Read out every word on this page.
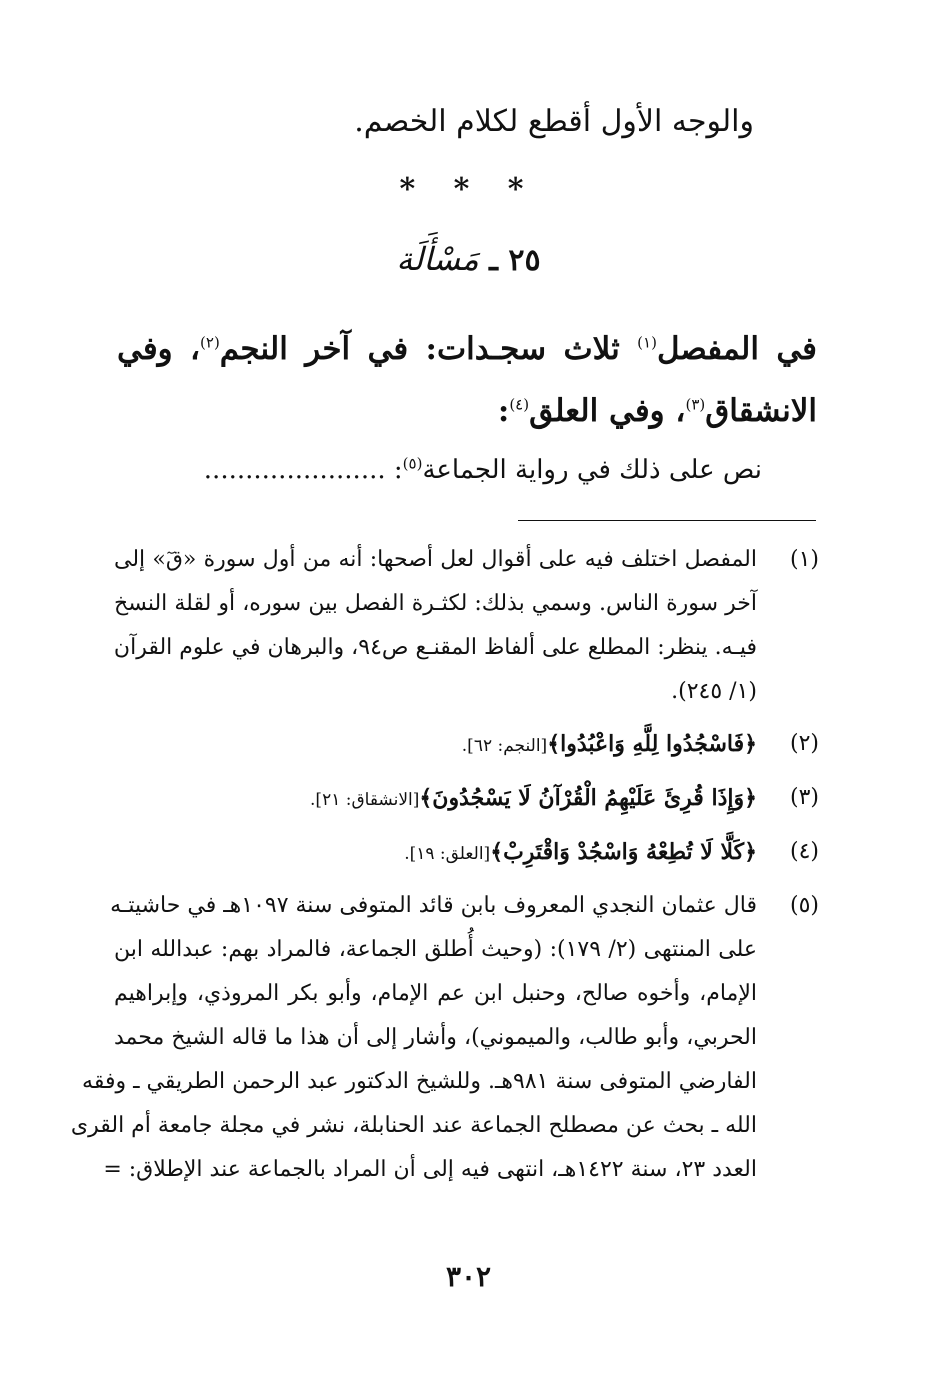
والوجه الأول أقطع لكلام الخصم.
* * *
٢٥ ـ مَسْأَلَة
في المفصل$^{(١)}$ ثلاث سجـدات: في آخر النجم$^{(٢)}$، وفي
الانشقاق$^{(٣)}$، وفي العلق$^{(٤)}$:
نص على ذلك في رواية الجماعة$^{(٥)}$: ......................
(١)
المفصل اختلف فيه على أقوال لعل أصحها: أنه من أول سورة «قٓ» إلى
آخر سورة الناس. وسمي بذلك: لكثـرة الفصل بين سوره، أو لقلة النسخ
فيـه. ينظر: المطلع على ألفاظ المقنـع ص٩٤، والبرهان في علوم القرآن
(١/ ٢٤٥).
(٢)
﴿فَاسْجُدُوا لِلَّهِ وَاعْبُدُوا﴾[النجم: ٦٢].
(٣)
﴿وَإِذَا قُرِئَ عَلَيْهِمُ الْقُرْآنُ لَا يَسْجُدُونَ﴾[الانشقاق: ٢١].
(٤)
﴿كَلَّا لَا تُطِعْهُ وَاسْجُدْ وَاقْتَرِبْ﴾[العلق: ١٩].
(٥)
قال عثمان النجدي المعروف بابن قائد المتوفى سنة ١٠٩٧هـ في حاشيتـه
على المنتهى (٢/ ١٧٩): (وحيث أُطلق الجماعة، فالمراد بهم: عبدالله ابن
الإمام، وأخوه صالح، وحنبل ابن عم الإمام، وأبو بكر المروذي، وإبراهيم
الحربي، وأبو طالب، والميموني)، وأشار إلى أن هذا ما قاله الشيخ محمد
الفارضي المتوفى سنة ٩٨١هـ. وللشيخ الدكتور عبد الرحمن الطريقي ـ وفقه
الله ـ بحث عن مصطلح الجماعة عند الحنابلة، نشر في مجلة جامعة أم القرى
العدد ٢٣، سنة ١٤٢٢هـ، انتهى فيه إلى أن المراد بالجماعة عند الإطلاق: =
٣٠٢
